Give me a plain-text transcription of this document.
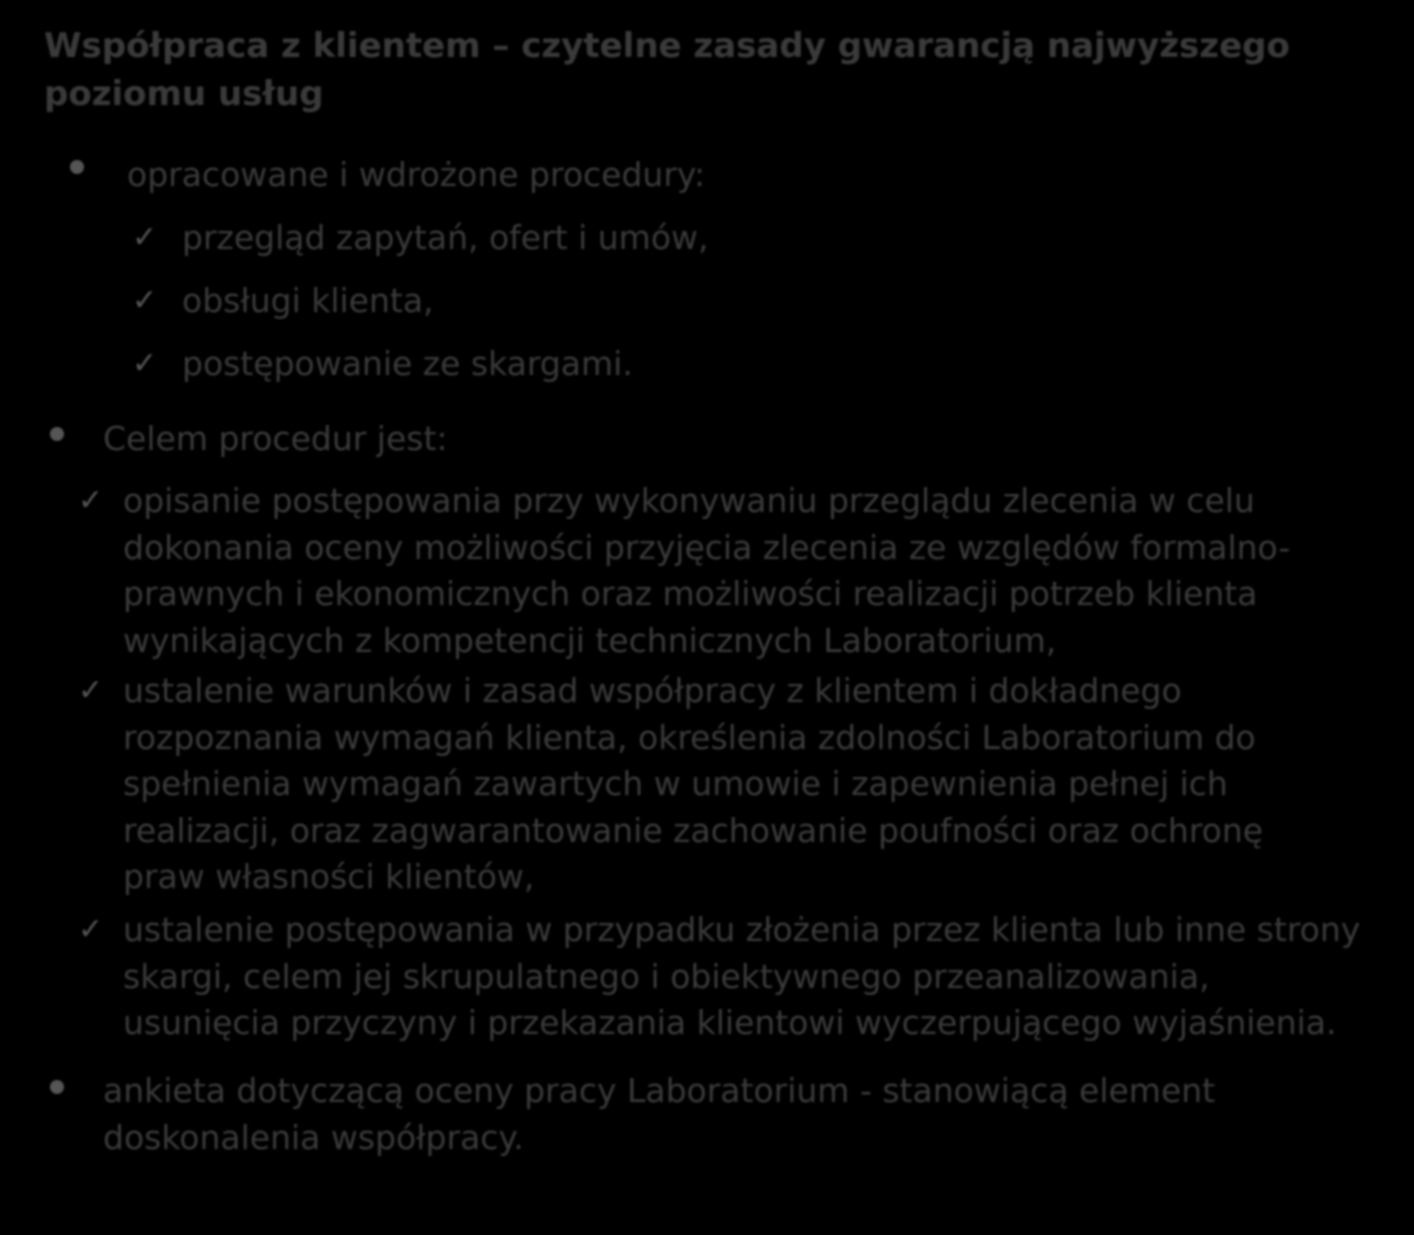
Współpraca z klientem – czytelne zasady gwarancją najwyższego poziomu usług

opracowane i wdrożone procedury:

✓ przegląd zapytań, ofert i umów,

✓ obsługi klienta,

✓ postępowanie ze skargami.

Celem procedur jest:

✓ opisanie postępowania przy wykonywaniu przeglądu zlecenia w celu dokonania oceny możliwości przyjęcia zlecenia ze względów formalno-prawnych i ekonomicznych oraz możliwości realizacji potrzeb klienta wynikających z kompetencji technicznych Laboratorium,

✓ ustalenie warunków i zasad współpracy z klientem i dokładnego rozpoznania wymagań klienta, określenia zdolności Laboratorium do spełnienia wymagań zawartych w umowie i zapewnienia pełnej ich realizacji, oraz zagwarantowanie zachowanie poufności oraz ochronę praw własności klientów,

✓ ustalenie postępowania w przypadku złożenia przez klienta lub inne strony skargi, celem jej skrupulatnego i obiektywnego przeanalizowania, usunięcia przyczyny i przekazania klientowi wyczerpującego wyjaśnienia.

ankieta dotyczącą oceny pracy Laboratorium - stanowiącą element doskonalenia współpracy.
